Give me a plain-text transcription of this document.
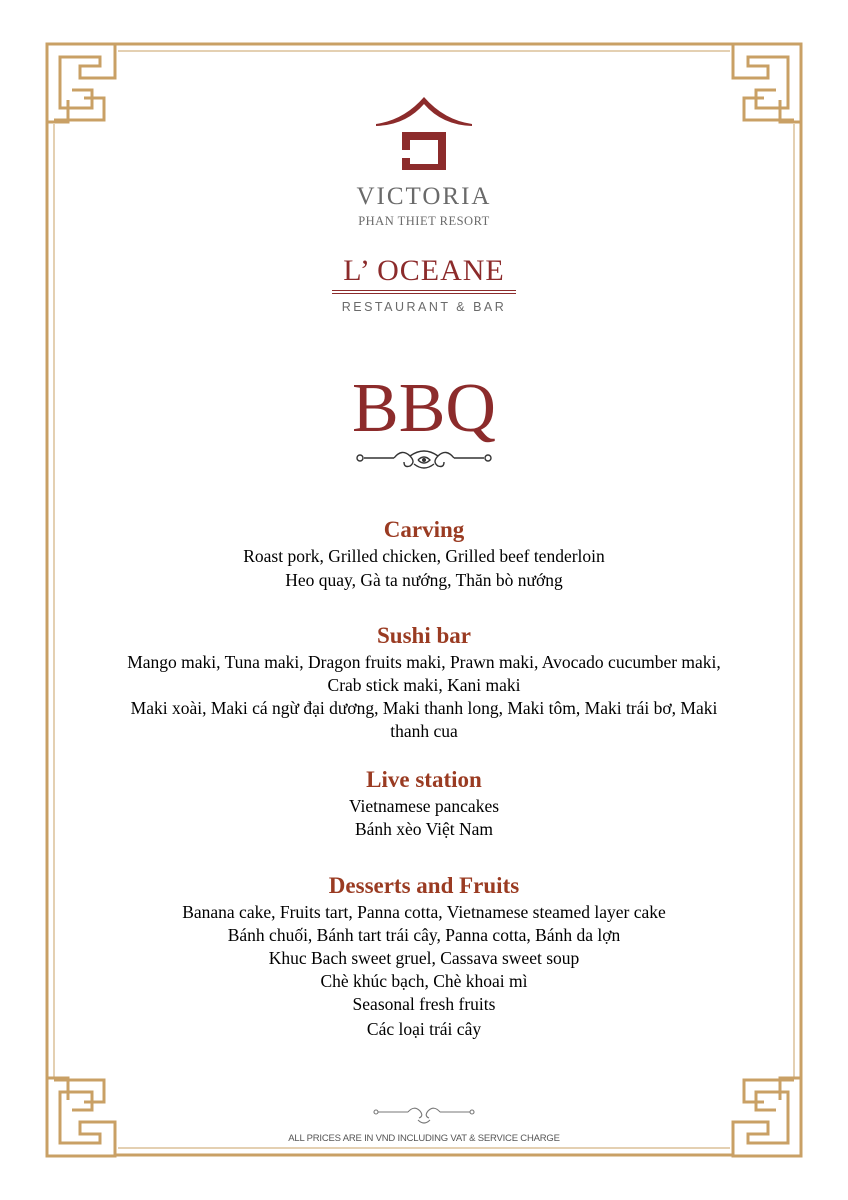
VICTORIA
PHAN THIET RESORT
L’ OCEANE
RESTAURANT & BAR
BBQ
Carving
Roast pork, Grilled chicken, Grilled beef tenderloin
Heo quay, Gà ta nướng, Thăn bò nướng
Sushi bar
Mango maki, Tuna maki, Dragon fruits maki, Prawn maki, Avocado cucumber maki,
Crab stick maki, Kani maki
Maki xoài, Maki cá ngừ đại dương, Maki thanh long, Maki tôm, Maki trái bơ, Maki
thanh cua
Live station
Vietnamese pancakes
Bánh xèo Việt Nam
Desserts and Fruits
Banana cake, Fruits tart, Panna cotta, Vietnamese steamed layer cake
Bánh chuối, Bánh tart trái cây, Panna cotta, Bánh da lợn
Khuc Bach sweet gruel, Cassava sweet soup
Chè khúc bạch, Chè khoai mì
Seasonal fresh fruits
Các loại trái cây
ALL PRICES ARE IN VND INCLUDING VAT & SERVICE CHARGE
